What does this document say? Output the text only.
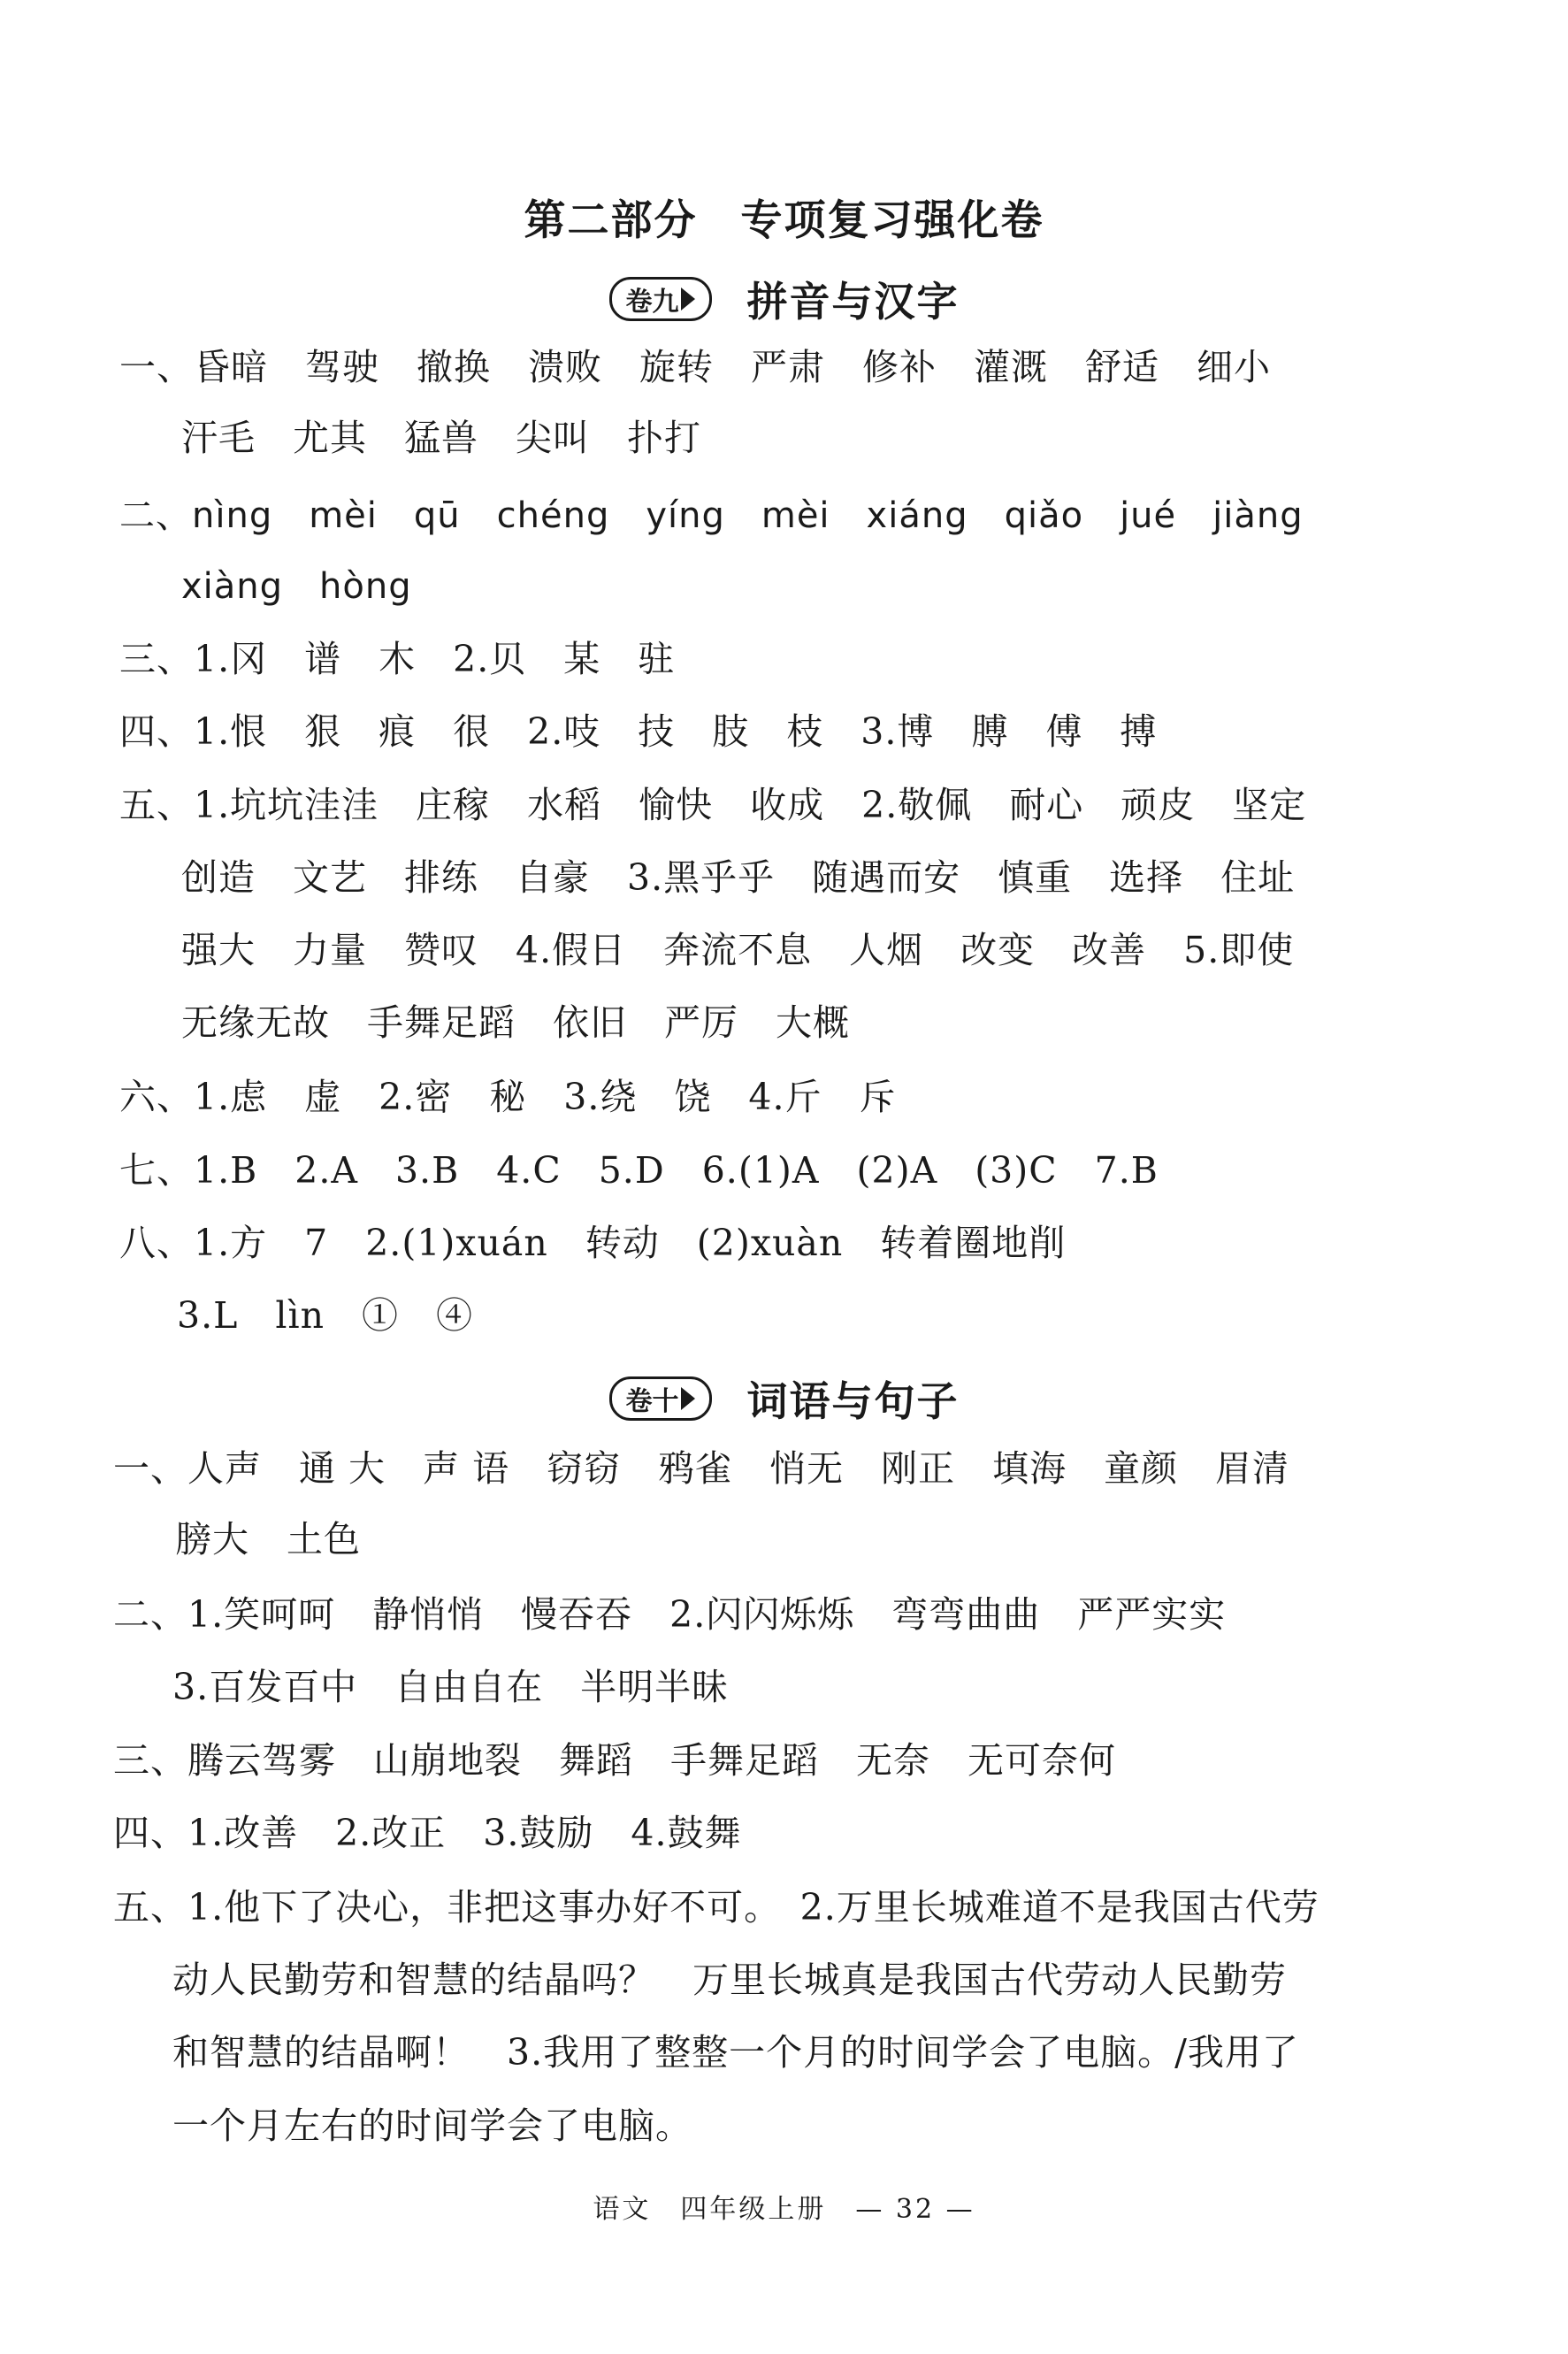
第二部分　专项复习强化卷
卷九 拼音与汉字
一、昏暗　驾驶　撤换　溃败　旋转　严肃　修补　灌溉　舒适　细小
汗毛　尤其　猛兽　尖叫　扑打
二、nìng　mèi　qū　chéng　yíng　mèi　xiáng　qiǎo　jué　jiàng
xiàng　hòng
三、1.冈　谱　木　2.贝　某　驻
四、1.恨　狠　痕　很　2.吱　技　肢　枝　3.博　膊　傅　搏
五、1.坑坑洼洼　庄稼　水稻　愉快　收成　2.敬佩　耐心　顽皮　坚定
创造　文艺　排练　自豪　3.黑乎乎　随遇而安　慎重　选择　住址
强大　力量　赞叹　4.假日　奔流不息　人烟　改变　改善　5.即使
无缘无故　手舞足蹈　依旧　严厉　大概
六、1.虑　虚　2.密　秘　3.绕　饶　4.斤　斥
七、1.B　2.A　3.B　4.C　5.D　6.(1)A　(2)A　(3)C　7.B
八、1.方　7　2.(1)xuán　转动　(2)xuàn　转着圈地削
3.L　lìn　①　④
卷十 词语与句子
一、人声　通 大　声 语　窃窃　鸦雀　悄无　刚正　填海　童颜　眉清
膀大　土色
二、1.笑呵呵　静悄悄　慢吞吞　2.闪闪烁烁　弯弯曲曲　严严实实
3.百发百中　自由自在　半明半昧
三、腾云驾雾　山崩地裂　舞蹈　手舞足蹈　无奈　无可奈何
四、1.改善　2.改正　3.鼓励　4.鼓舞
五、1.他下了决心，非把这事办好不可。　2.万里长城难道不是我国古代劳
动人民勤劳和智慧的结晶吗？　万里长城真是我国古代劳动人民勤劳
和智慧的结晶啊！　3.我用了整整一个月的时间学会了电脑。/我用了
一个月左右的时间学会了电脑。
语文　四年级上册　— 32 —
